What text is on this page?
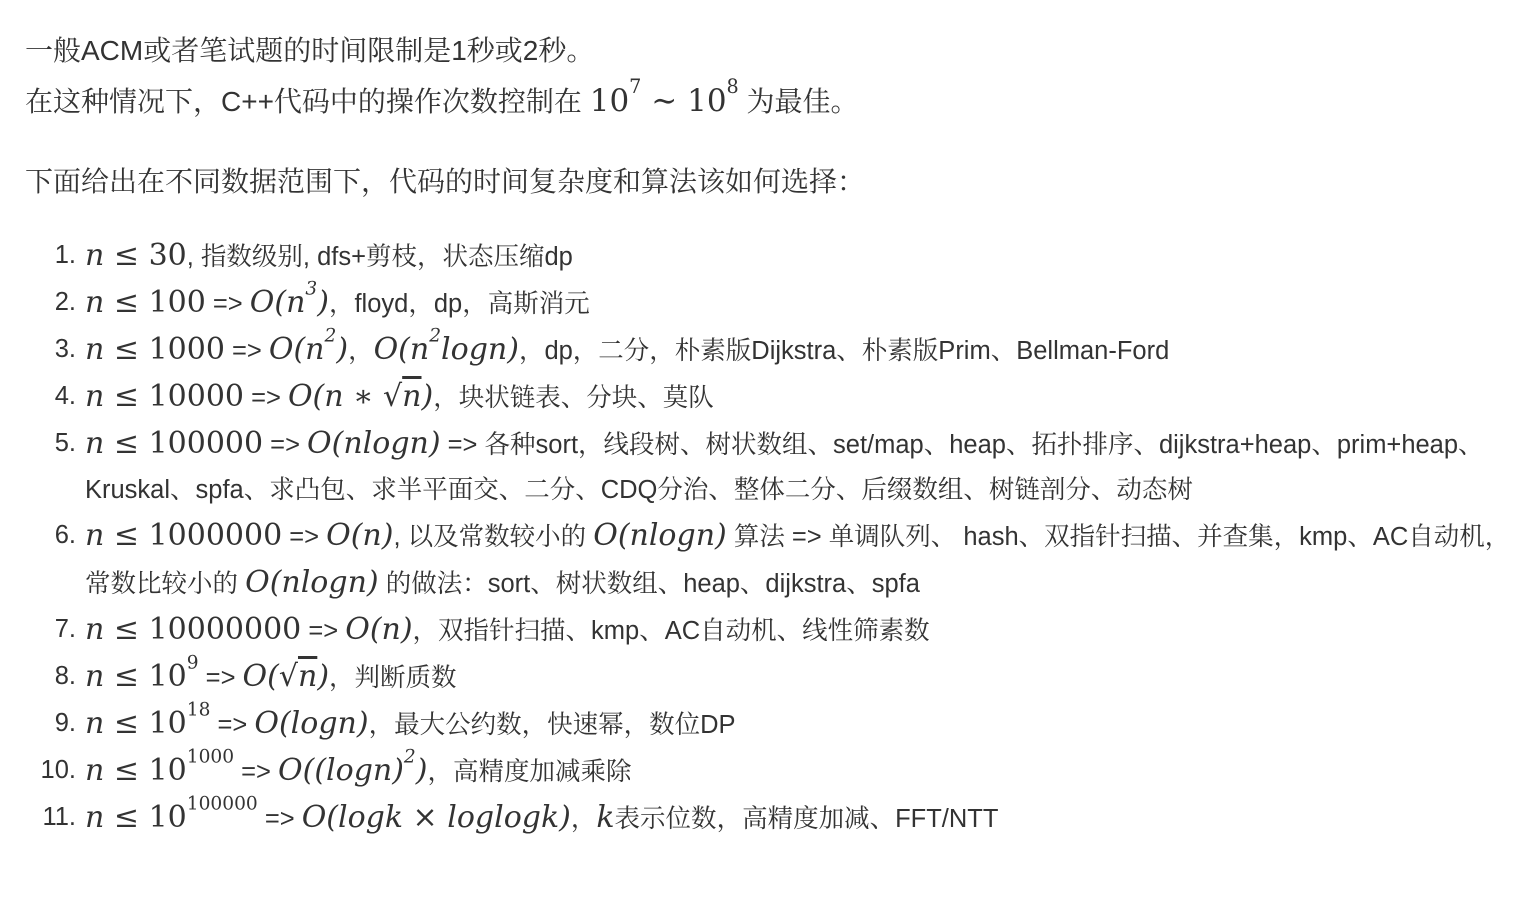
一般ACM或者笔试题的时间限制是1秒或2秒。

在这种情况下，C++代码中的操作次数控制在 $10^7$ ∼ $10^8$ 为最佳。

下面给出在不同数据范围下，代码的时间复杂度和算法该如何选择：

1. n ≤ 30, 指数级别, dfs+剪枝，状态压缩dp
2. $n \le 100 => O(n^3)$，floyd，dp，高斯消元
3. $n \le 1000 => O(n^2)$，$O(n^2\log n)$，dp，二分，朴素版Dijkstra、朴素版Prim、Bellman-Ford
4. n ≤ 10000 => O(n ∗ √n)，块状链表、分块、莫队
5. n ≤ 100000 => O(nlogn) => 各种sort，线段树、树状数组、set/map、heap、拓扑排序、dijkstra+heap、prim+heap、Kruskal、spfa、求凸包、求半平面交、二分、CDQ分治、整体二分、后缀数组、树链剖分、动态树
6. n ≤ 1000000 => O(n), 以及常数较小的 O(nlogn) 算法 => 单调队列、 hash、双指针扫描、并查集，kmp、AC自动机，常数比较小的 O(nlogn) 的做法：sort、树状数组、heap、dijkstra、spfa
7. n ≤ 10000000 => O(n)，双指针扫描、kmp、AC自动机、线性筛素数
8. $n \le 10^9 => O(√n)$，判断质数
9. $n \le 10^{18} => O(\log n)$，最大公约数，快速幂，数位DP
10. $n \le 10^{1000} => O((\log n)^2)$，高精度加减乘除
11. $n \le 10^{100000} => O(\log k \times loglogk)$，k表示位数，高精度加减、FFT/NTT
